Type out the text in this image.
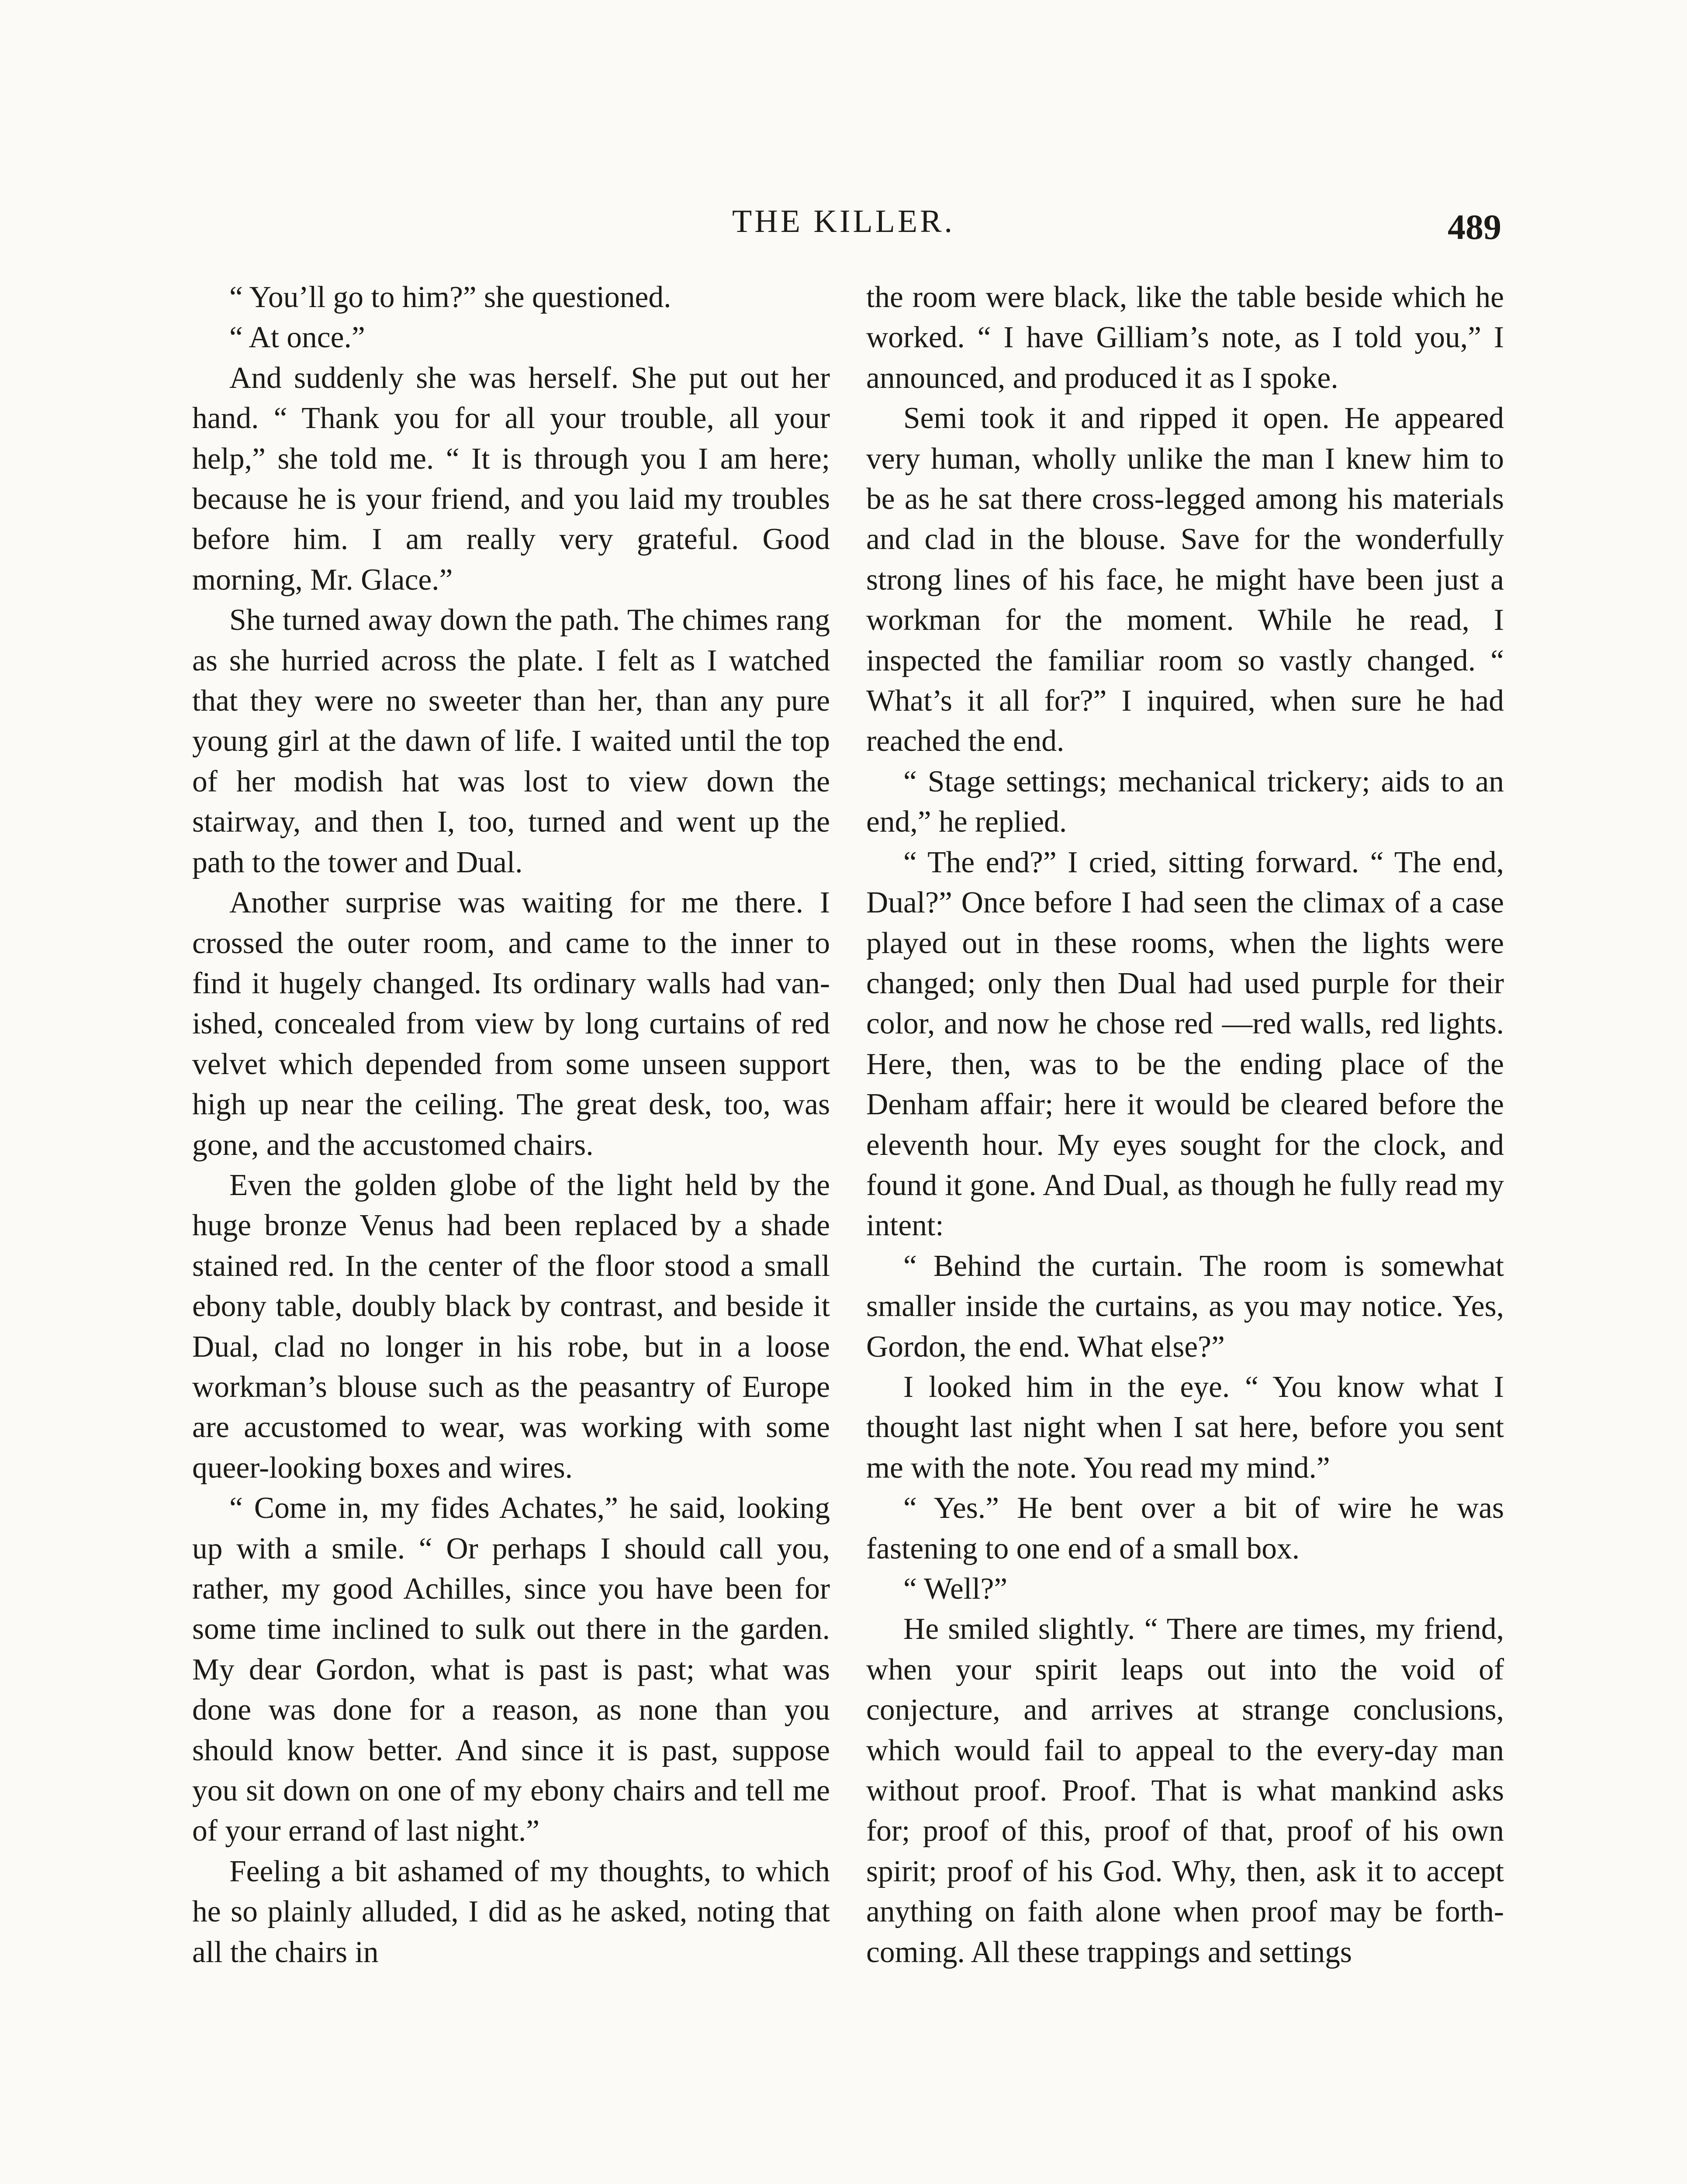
THE KILLER.	489

“ You’ll go to him?” she questioned.

“ At once.”

And suddenly she was herself. She put out her hand. “ Thank you for all your trouble, all your help,” she told me. “ It is through you I am here; because he is your friend, and you laid my troubles before him. I am really very grateful. Good morning, Mr. Glace.”

She turned away down the path. The chimes rang as she hurried across the plate. I felt as I watched that they were no sweeter than her, than any pure young girl at the dawn of life. I waited until the top of her modish hat was lost to view down the stairway, and then I, too, turned and went up the path to the tower and Dual.

Another surprise was waiting for me there. I crossed the outer room, and came to the inner to find it hugely changed. Its ordinary walls had vanished, concealed from view by long curtains of red velvet which depended from some unseen support high up near the ceiling. The great desk, too, was gone, and the accustomed chairs.

Even the golden globe of the light held by the huge bronze Venus had been replaced by a shade stained red. In the center of the floor stood a small ebony table, doubly black by contrast, and beside it Dual, clad no longer in his robe, but in a loose workman’s blouse such as the peasantry of Europe are accustomed to wear, was working with some queer-looking boxes and wires.

“ Come in, my fides Achates,” he said, looking up with a smile. “ Or perhaps I should call you, rather, my good Achilles, since you have been for some time inclined to sulk out there in the garden. My dear Gordon, what is past is past; what was done was done for a reason, as none than you should know better. And since it is past, suppose you sit down on one of my ebony chairs and tell me of your errand of last night.”

Feeling a bit ashamed of my thoughts, to which he so plainly alluded, I did as he asked, noting that all the chairs in

the room were black, like the table beside which he worked. “ I have Gilliam’s note, as I told you,” I announced, and produced it as I spoke.

Semi took it and ripped it open. He appeared very human, wholly unlike the man I knew him to be as he sat there cross-legged among his materials and clad in the blouse. Save for the wonderfully strong lines of his face, he might have been just a workman for the moment. While he read, I inspected the familiar room so vastly changed. “ What’s it all for?” I inquired, when sure he had reached the end.

“ Stage settings; mechanical trickery; aids to an end,” he replied.

“ The end?” I cried, sitting forward. “ The end, Dual?” Once before I had seen the climax of a case played out in these rooms, when the lights were changed; only then Dual had used purple for their color, and now he chose red —red walls, red lights. Here, then, was to be the ending place of the Denham affair; here it would be cleared before the eleventh hour. My eyes sought for the clock, and found it gone. And Dual, as though he fully read my intent:

“ Behind the curtain. The room is somewhat smaller inside the curtains, as you may notice. Yes, Gordon, the end. What else?”

I looked him in the eye. “ You know what I thought last night when I sat here, before you sent me with the note. You read my mind.”

“ Yes.” He bent over a bit of wire he was fastening to one end of a small box.

“ Well?”

He smiled slightly. “ There are times, my friend, when your spirit leaps out into the void of conjecture, and arrives at strange conclusions, which would fail to appeal to the every-day man without proof. Proof. That is what mankind asks for; proof of this, proof of that, proof of his own spirit; proof of his God. Why, then, ask it to accept anything on faith alone when proof may be forthcoming. All these trappings and settings
